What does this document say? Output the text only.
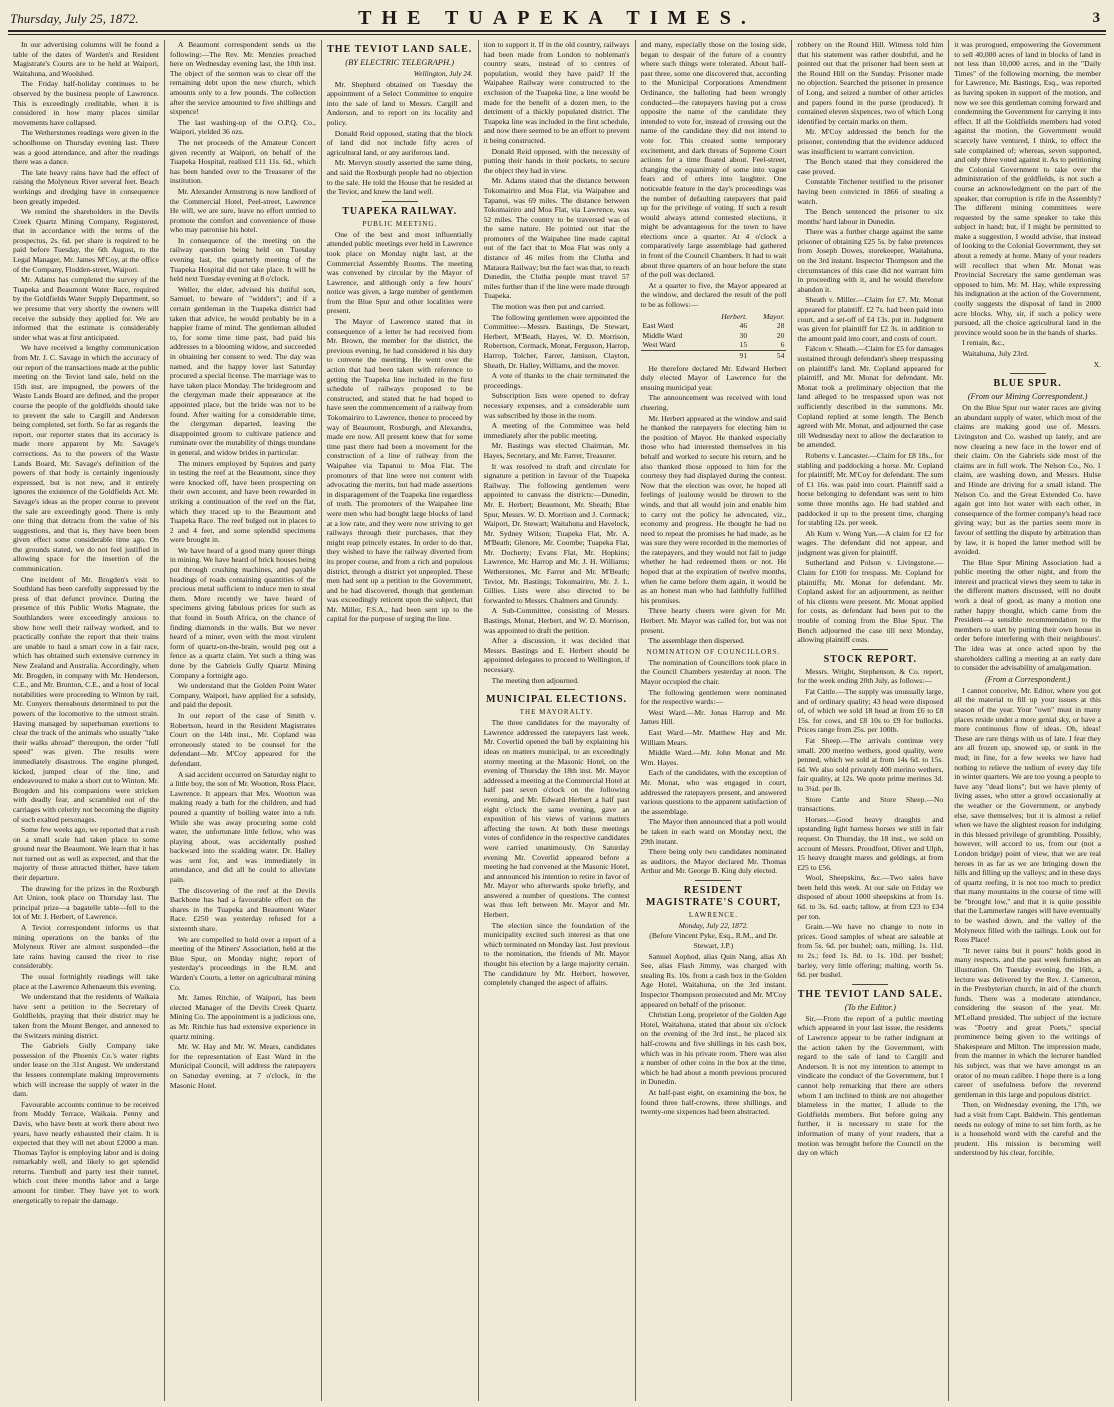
Thursday, July 25, 1872.	THE TUAPEKA TIMES.	3

In our advertising columns will be found a table of the dates of Warden's and Resident Magistrate's Courts are to be held at Waipori, Waitahuna, and Woolshed.

The Friday half-holiday continues to be observed by the business people of Lawrence. This is exceedingly creditable, when it is considered in how many places similar movements have collapsed.

The Wetherstones readings were given in the schoolhouse on Thursday evening last. There was a good attendance, and after the readings there was a dance.

The late heavy rains have had the effect of raising the Molyneux River several feet. Beach workings and dredging have in consequence been greatly impeded.

We remind the shareholders in the Devils Creek Quartz Mining Company, Registered, that in accordance with the terms of the prospectus, 2s. 6d. per share is required to be paid before Tuesday, the 6th August, to the Legal Manager, Mr. James M'Coy, at the office of the Company, Flodden-street, Waipori.

Mr. Adams has completed the survey of the Tuapeka and Beaumont Water Race, required by the Goldfields Water Supply Department, so we presume that very shortly the owners will receive the subsidy they applied for. We are informed that the estimate is considerably under what was at first anticipated.

We have received a lengthy communication from Mr. J. C. Savage in which the accuracy of our report of the transactions made at the public meeting on the Teviot land sale, held on the 15th inst. are impugned, the powers of the Waste Lands Board are defined, and the proper course the people of the goldfields should take to prevent the sale to Cargill and Anderson being completed, set forth. So far as regards the report, our reporter states that its accuracy is made more apparent by Mr. Savage's corrections. As to the powers of the Waste Lands Board, Mr. Savage's definition of the powers of that body is certainly ingeniously expressed, but is not new, and it entirely ignores the existence of the Goldfields Act. Mr. Savage's ideas as the proper course to prevent the sale are exceedingly good. There is only one thing that detracts from the value of his suggestions, and that is, they have been been given effect some considerable time ago. On the grounds stated, we do not feel justified in allowing space for the insertion of the communication.

One incident of Mr. Brogden's visit to Southland has been carefully suppressed by the press of that defunct province. During the presence of this Public Works Magnate, the Southlanders were exceedingly anxious to show how well their railway worked, and to practically confute the report that their trains are unable to haul a smart cow in a fair race, which has obtained such extensive currency in New Zealand and Australia. Accordingly, when Mr. Brogden, in company with Mr. Henderson, C.E., and Mr. Brunton, C.E., and a host of local notabilities were proceeding to Winton by rail, Mr. Conyers thereabouts determined to put the powers of the locomotive to the utmost strain. Having managed by superhuman exertions to clear the track of the animals who usually "take their walks abroad" thereupon, the order "full speed" was given. The results were immediately disastrous. The engine plunged, kicked, jumped clear of the line, and endeavoured to make a short cut to Winton. Mr. Brogden and his companions were stricken with deadly fear, and scrambled out of the carriages with celerity not becoming the dignity of such exalted personages.

Some few weeks ago, we reported that a rush on a small scale had taken place to some ground near the Beaumont. We learn that it has not turned out as well as expected, and that the majority of those attracted thither, have taken their departure.

The drawing for the prizes in the Roxburgh Art Union, took place on Thursday last. The principal prize—a bagatelle table—fell to the lot of Mr. J. Herbert, of Lawrence.

A Teviot correspondent informs us that mining operations on the banks of the Molyneux River are almost suspended—the late rains having caused the river to rise considerably.

The usual fortnightly readings will take place at the Lawrence Athenaeum this evening.

We understand that the residents of Waikaia have sent a petition to the Secretary of Goldfields, praying that their district may be taken from the Mount Benger, and annexed to the Switzers mining district.

The Gabriels Gully Company take possession of the Phoenix Co.'s water rights under lease on the 31st August. We understand the lessees contemplate making improvements which will increase the supply of water in the dam.

Favourable accounts continue to be received from Muddy Terrace, Waikaia. Penny and Davis, who have been at work there about two years, have nearly exhausted their claim. It is expected that they will net about £2000 a man. Thomas Taylor is employing labor and is doing remarkably well, and likely to get splendid returns. Turnbull and party test their tunnel, which cost three months labor and a large amount for timber. They have yet to work energetically to repair the damage.

A Beaumont correspondent sends us the following:—The Rev. Mr. Menzies preached here on Wednesday evening last, the 10th inst. The object of the sermon was to clear off the remaining debt upon the new church, which amounts only to a few pounds. The collection after the service amounted to five shillings and sixpence!

The last washing-up of the O.P.Q. Co., Waipori, yielded 36 ozs.

The net proceeds of the Amateur Concert given recently at Waipori, on behalf of the Tuapeka Hospital, realised £11 11s. 6d., which has been handed over to the Treasurer of the institution.

Mr. Alexander Armstrong is now landlord of the Commercial Hotel, Peel-street, Lawrence He will, we are sure, leave no effort untried to promote the comfort and convenience of those who may patronise his hotel.

In consequence of the meeting on the railway question being held on Tuesday evening last, the quarterly meeting of the Tuapeka Hospital did not take place. It will be held next Tuesday evening at 8 o'clock.

Weller, the elder, advised his dutiful son, Samuel, to beware of "widders"; and if a certain gentleman in the Tuapeka district had taken that advice, he would probably be in a happier frame of mind. The gentleman alluded to, for some time time past, had paid his addresses to a blooming widow, and succeeded in obtaining her consent to wed. The day was named, and the happy lover last Saturday procured a special license. The marriage was to have taken place Monday. The bridegroom and the clergyman made their appearance at the appointed place, but the bride was not to be found. After waiting for a considerable time, the clergyman departed, leaving the disappointed groom to cultivate patience and ruminate over the mutability of things mundane in general, and widow brides in particular.

The miners employed by Squires and party in testing the reef at the Beaumont, since they were knocked off, have been prospecting on their own account, and have been rewarded in striking a continuation of the reef on the flat, which they traced up to the Beaumont and Tuapeka Race. The reef bulged out in places to 2 and 4 feet, and some splendid specimens were brought in.

We have heard of a good many queer things in mining. We have heard of brick houses being put through crushing machines, and payable headings of roads containing quantities of the precious metal sufficient to induce men to steal them. More recently we have heard of specimens giving fabulous prices for such as that found in South Africa, on the chance of finding diamonds in the walls. But we never heard of a miner, even with the most virulent form of quartz-on-the-brain, would peg out a fence as a quartz claim. Yet such a thing was done by the Gabriels Gully Quartz Mining Company a fortnight ago.

We understand that the Golden Point Water Company, Waipori, have applied for a subsidy, and paid the deposit.

In our report of the case of Smith v. Robertson, heard in the Resident Magistrates Court on the 14th inst., Mr. Copland was erroneously stated to be counsel for the defendant—Mr. M'Coy appeared for the defendant.

A sad accident occurred on Saturday night to a little boy, the son of Mr. Wootton, Ross Place, Lawrence. It appears that Mrs. Wootton was making ready a bath for the children, and had poured a quantity of boiling water into a tub. While she was away procuring some cold water, the unfortunate little fellow, who was playing about, was accidentally pushed backward into the scalding water. Dr. Halley was sent for, and was immediately in attendance, and did all he could to alleviate pain.

The discovering of the reef at the Devils Backbone has had a favourable effect on the shares in the Tuapeka and Beaumont Water Race. £250 was yesterday refused for a sixteenth share.

We are compelled to hold over a report of a meeting of the Miners' Association, held at the Blue Spur, on Monday night; report of yesterday's proceedings in the R.M. and Warden's Courts, a letter on agricultural mining Co.

Mr. James Ritchie, of Waipori, has been elected Manager of the Devils Creek Quartz Mining Co. The appointment is a judicious one, as Mr. Ritchie has had extensive experience in quartz mining.

Mr. W. Hay and Mr. W. Mears, candidates for the representation of East Ward in the Municipal Council, will address the ratepayers on Saturday evening, at 7 o'clock, in the Masonic Hotel.

THE TEVIOT LAND SALE.
(BY ELECTRIC TELEGRAPH.)
Wellington, July 24.

Mr. Shepherd obtained on Tuesday the appointment of a Select Committee to enquire into the sale of land to Messrs. Cargill and Anderson, and to report on its locality and policy.

Donald Reid opposed, stating that the block of land did not include fifty acres of agricultural land, or any auriferous land.

Mr. Mervyn stoutly asserted the same thing, and said the Roxburgh people had no objection to the sale. He told the House that he resided at the Teviot, and knew the land well.

TUAPEKA RAILWAY.
PUBLIC MEETING.

One of the best and most influentially attended public meetings ever held in Lawrence took place on Monday night last, at the Commercial Assembly Rooms. The meeting was convened by circular by the Mayor of Lawrence, and although only a few hours' notice was given, a large number of gentlemen from the Blue Spur and other localities were present.

The Mayor of Lawrence stated that in consequence of a letter he had received from Mr. Brown, the member for the district, the previous evening, he had considered it his duty to convene the meeting. He went over the action that had been taken with reference to getting the Tuapeka line included in the first schedule of railways proposed to be constructed, and stated that he had hoped to have seen the commencement of a railway from Tokomairiro to Lawrence, thence to proceed by way of Beaumont, Roxburgh, and Alexandra, made ere now. All present knew that for some time past there had been a movement for the construction of a line of railway from the Waipahee via Tapanui to Moa Flat. The promoters of that line were not content with advocating the merits, but had made assertions in disparagement of the Tuapeka line regardless of truth. The promoters of the Waipahee line were men who had bought large blocks of land at a low rate, and they were now striving to get railways through their purchases, that they might reap princely estates. In order to do that, they wished to have the railway diverted from its proper course, and from a rich and populous district, through a district yet unpeopled. These men had sent up a petition to the Government, and he had discovered, though that gentleman was exceedingly reticent upon the subject, that Mr. Miller, F.S.A., had been sent up to the capital for the purpose of urging the line.

tion to support it. If in the old country, railways had been made from London to nobleman's country seats, instead of to centres of population, would they have paid? If the Waipahee Railway were constructed to the exclusion of the Tuapeka line, a line would be made for the benefit of a dozen men, to the detriment of a thickly populated district. The Tuapeka line was included in the first schedule, and now there seemed to be an effort to prevent it being constructed.

Donald Reid opposed, with the necessity of putting their hands in their pockets, to secure the object they had in view.

Mr. Adams stated that the distance between Tokomairiro and Moa Flat, via Waipahee and Tapanui, was 69 miles. The distance between Tokomairiro and Moa Flat, via Lawrence, was 52 miles. The country to be traversed was of the same nature. He pointed out that the promoters of the Waipahee line made capital out of the fact that to Moa Flat was only a distance of 46 miles from the Clutha and Mataura Railway; but the fact was that, to reach Dunedin, the Clutha people must travel 57 miles further than if the line were made through Tuapeka.

The motion was then put and carried.

The following gentlemen were appointed the Committee:—Messrs. Bastings, De Stewart, Herbert, M'Beath, Hayes, W. D. Morrison, Robertson, Cormack, Monat, Ferguson, Harrop, Harrop, Tolcher, Farrer, Jamison, Clayton, Sheath, Dr. Halley, Williams, and the mover.

A vote of thanks to the chair terminated the proceedings.

Subscription lists were opened to defray necessary expenses, and a considerable sum was subscribed by those in the room.

A meeting of the Committee was held immediately after the public meeting.

Mr. Bastings was elected Chairman, Mr. Hayes, Secretary, and Mr. Farrer, Treasurer.

It was resolved to draft and circulate for signature a petition in favour of the Tuapeka Railway. The following gentlemen were appointed to canvass the districts:—Dunedin, Mr. E. Herbert; Beaumont, Mr. Sheath; Blue Spur, Messrs. W. D. Morrison and J. Cormack; Waipori, Dr. Stewart; Waitahuna and Havelock, Mr. Sydney Wilson; Tuapeka Flat, Mr. A. M'Beath; Glenore, Mr. Coombe; Tuapeka Flat, Mr. Docherty; Evans Flat, Mr. Hopkins; Lawrence, Mr. Harrop and Mr. J. H. Williams; Wetherstones, Mr. Farrer and Mr. M'Beath; Teviot, Mr. Bastings; Tokomairiro, Mr. J. L. Gillies. Lists were also directed to be forwarded to Messrs. Chalmers and Grundy.

A Sub-Committee, consisting of Messrs. Bastings, Monat, Herbert, and W. D. Morrison, was appointed to draft the petition.

After a discussion, it was decided that Messrs. Bastings and E. Herbert should be appointed delegates to proceed to Wellington, if necessary.

The meeting then adjourned.

MUNICIPAL ELECTIONS.
THE MAYORALTY.

The three candidates for the mayoralty of Lawrence addressed the ratepayers last week. Mr. Coverlid opened the ball by explaining his ideas on matters municipal, to an exceedingly stormy meeting at the Masonic Hotel, on the evening of Thursday the 18th inst. Mr. Mayor addressed a meeting at the Commercial Hotel at half past seven o'clock on the following evening, and Mr. Edward Herbert a half past eight o'clock the same evening, gave an exposition of his views of various matters affecting the town. At both these meetings votes of confidence in the respective candidates were carried unanimously. On Saturday evening Mr. Coverlid appeared before a meeting he had convened at the Masonic Hotel, and announced his intention to retire in favor of Mr. Mayor who afterwards spoke briefly, and answered a number of questions. The contest was thus left between Mr. Mayor and Mr. Herbert.

The election since the foundation of the municipality excited such interest as that one which terminated on Monday last. Just previous to the nomination, the friends of Mr. Mayor thought his election by a large majority certain. The candidature by Mr. Herbert, however, completely changed the aspect of affairs.

and many, especially those on the losing side, began to despair of the future of a country where such things were tolerated. About half-past three, some one discovered that, according to the Municipal Corporations Amendment Ordinance, the balloting had been wrongly conducted—the ratepayers having put a cross opposite the name of the candidate they intended to vote for, instead of crossing out the name of the candidate they did not intend to vote for. This created some temporary excitement, and dark threats of Supreme Court actions for a time floated about. Feel-street, changing the equanimity of some into vague fears and of others into laughter. One noticeable feature in the day's proceedings was the number of defaulting ratepayers that paid up for the privilege of voting. If such a result would always attend contested elections, it might be advantageous for the town to have elections once a quarter. At 4 o'clock a comparatively large assemblage had gathered in front of the Council Chambers. It had to wait about three quarters of an hour before the state of the poll was declared.

At a quarter to five, the Mayor appeared at the window, and declared the result of the poll to be as follows:—

	Herbert.	Mayor.
East Ward	46	28
Middle Ward	30	20
West Ward	15	6
	91	54

He therefore declared Mr. Edward Herbert duly elected Mayor of Lawrence for the ensuing municipal year.

The announcement was received with loud cheering.

Mr. Herbert appeared at the window and said he thanked the ratepayers for electing him to the position of Mayor. He thanked especially those who had interested themselves in his behalf and worked to secure his return, and he also thanked those opposed to him for the courtesy they had displayed during the contest. Now that the election was over, he hoped all feelings of jealousy would be thrown to the winds, and that all would join and enable him to carry out the policy he advocated, viz., economy and progress. He thought he had no need to repeat the promises he had made, as he was sure they were recorded in the memories of the ratepayers, and they would not fail to judge whether he had redeemed them or not. He hoped that at the expiration of twelve months, when he came before them again, it would be as an honest man who had faithfully fulfilled his promises.

Three hearty cheers were given for Mr. Herbert. Mr. Mayor was called for, but was not present.

The assemblage then dispersed.

NOMINATION OF COUNCILLORS.

The nomination of Councillors took place in the Council Chambers yesterday at noon. The Mayor occupied the chair.

The following gentlemen were nominated for the respective wards:—

West Ward.—Mr. Jonas Harrop and Mr. James Hill.

East Ward.—Mr. Matthew Hay and Mr. William Mears.

Middle Ward.—Mr. John Monat and Mr. Wm. Hayes.

Each of the candidates, with the exception of Mr. Monat, who was engaged in court, addressed the ratepayers present, and answered various questions to the apparent satisfaction of the assemblage.

The Mayor then announced that a poll would be taken in each ward on Monday next, the 29th instant.

There being only two candidates nominated as auditors, the Mayor declared Mr. Thomas Arthur and Mr. George B. King duly elected.

RESIDENT MAGISTRATE'S COURT,
LAWRENCE.
Monday, July 22, 1872.

(Before Vincent Pyke, Esq., R.M., and Dr. Stewart, J.P.)

Samuel Aophod, alias Quin Nang, alias Ah See, alias Flash Jimmy, was charged with stealing Rs. 10s. from a cash box in the Golden Age Hotel, Waitahuna, on the 3rd instant. Inspector Thompson prosecuted and Mr. M'Coy appeared on behalf of the prisoner.

Christian Long, proprietor of the Golden Age Hotel, Waitahuna, stated that about six o'clock on the evening of the 3rd inst., he placed six half-crowns and five shillings in his cash box, which was in his private room. There was also a number of other coins in the box at the time, which he had about a month previous procured in Dunedin.

At half-past eight, on examining the box, he found three half-crowns, three shillings, and twenty-one sixpences had been abstracted.

robbery on the Round Hill. Witness told him that his statement was rather doubtful, and he pointed out that the prisoner had been seen at the Round Hill on the Sunday. Prisoner made no objection. Searched the prisoner in presence of Long, and seized a number of other articles and papers found in the purse (produced). It contained eleven sixpences, two of which Long identified by certain marks on them.

Mr. M'Coy addressed the bench for the prisoner, contending that the evidence adduced was insufficient to warrant conviction.

The Bench stated that they considered the case proved.

Constable Titchener testified to the prisoner having been convicted in 1866 of stealing a watch.

The Bench sentenced the prisoner to six months' hard labour in Dunedin.

There was a further charge against the same prisoner of obtaining £25 5s. by false pretences from Joseph Dowes, storekeeper, Waitahuna, on the 3rd instant. Inspector Thompson and the circumstances of this case did not warrant him in proceeding with it, and he would therefore abandon it.

Sheath v. Miller.—Claim for £7. Mr. Monat appeared for plaintiff. £2 7s. had been paid into court, and a set-off of £4 13s. put in. Judgment was given for plaintiff for £2 3s. in addition to the amount paid into court, and costs of court.

Falcon v. Sheath.—Claim for £5 for damages sustained through defendant's sheep trespassing on plaintiff's land. Mr. Copland appeared for plaintiff, and Mr. Monat for defendant. Mr. Monat took a preliminary objection that the land alleged to be trespassed upon was not sufficiently described in the summons. Mr. Copland replied at some length. The Bench agreed with Mr. Monat, and adjourned the case till Wednesday next to allow the declaration to be amended.

Roberts v. Lancaster.—Claim for £8 18s., for stabling and paddocking a horse. Mr. Copland for plaintiff; Mr. M'Coy for defendant. The sum of £1 16s. was paid into court. Plaintiff said a horse belonging to defendant was sent to him some three months ago. He had stabled and paddocked it up to the present time, charging for stabling 12s. per week.

Ah Kum v. Wong Yun.—A claim for £2 for wages. The defendant did not appear, and judgment was given for plaintiff.

Sutherland and Polson v. Livingstone.—Claim for £100 for trespass. Mr. Copland for plaintiffs; Mr. Monat for defendant. Mr. Copland asked for an adjournment, as neither of his clients were present. Mr. Monat applied for costs, as defendant had been put to the trouble of coming from the Blue Spur. The Bench adjourned the case till next Monday, allowing plaintiff costs.

STOCK REPORT.

Messrs. Wright, Stephenson, & Co. report, for the week ending 20th July, as follows:—

Fat Cattle.—The supply was unusually large, and of ordinary quality; 43 head were disposed of, of which we sold 18 head at from £6 to £8 15s. for cows, and £8 10s to £9 for bullocks. Prices range from 25s. per 100lb.

Fat Sheep.—The arrivals continue very small. 200 merino wethers, good quality, were penned, which we sold at from 14s 6d. to 15s. 6d. We also sold privately 400 merino wethers, fair quality, at 12s. We quote prime merinos 3d. to 3¼d. per lb.

Store Cattle and Store Sheep.—No transactions.

Horses.—Good heavy draughts and upstanding light harness horses we still in fair request. On Thursday, the 18 inst., we sold on account of Messrs. Proudfoot, Oliver and Ulph, 15 heavy draught mares and geldings, at from £25 to £56.

Wool, Sheepskins, &c.—Two sales have been held this week. At our sale on Friday we disposed of about 1000 sheepskins at from 1s. 6d. to 3s. 6d. each; tallow, at from £23 to £34 per ton.

Grain.—We have no change to note in prices. Good samples of wheat are saleable at from 5s. 6d. per bushel; oats, milling, 1s. 11d. to 2s.; feed 1s. 8d. to 1s. 10d. per bushel; barley, very little offering; malting, worth 5s. 6d. per bushel.

THE TEVIOT LAND SALE.
(To the Editor.)

Sir,—From the report of a public meeting which appeared in your last issue, the residents of Lawrence appear to be rather indignant at the action taken by the Government, with regard to the sale of land to Cargill and Anderson. It is not my intention to attempt to vindicate the conduct of the Government, but I cannot help remarking that there are others whom I am inclined to think are not altogether blameless in the matter, I allude to the Goldfields members. But before going any further, it is necessary to state for the information of many of your readers, that a motion was brought before the Council on the day on which

it was prorogued, empowering the Government to sell 40,000 acres of land in blocks of land in not less than 10,000 acres, and in the "Daily Times" of the following morning, the member for Lawrence, Mr. Bastings, Esq., was reported as having spoken in support of the motion, and now we see this gentleman coming forward and condemning the Government for carrying it into effect. If all the Goldfields members had voted against the motion, the Government would scarcely have ventured, I think, to effect the sale complained of; whereas, seven supported, and only three voted against it. As to petitioning the Colonial Government to take over the administration of the goldfields, is not such a course an acknowledgment on the part of the speaker, that corruption is rife in the Assembly? The different mining committees were requested by the same speaker to take this subject in hand; but, if I might be permitted to make a suggestion, I would advise, that instead of looking to the Colonial Government, they set about a remedy at home. Many of your readers will recollect that when Mr. Monat was Provincial Secretary the same gentleman was opposed to him. Mr. M. Hay, while expressing his indignation at the action of the Government, coolly suggests the disposal of land in 2000 acre blocks. Why, sir, if such a policy were pursued, all the choice agricultural land in the province would soon be in the hands of sharks.

I remain, &c.,

Waitahuna, July 23rd.

X.
BLUE SPUR.
(From our Mining Correspondent.)

On the Blue Spur our water races are giving an abundant supply of water, which most of the claims are making good use of. Messrs. Livingston and Co. washed up lately, and are now clearing a new face in the lower end of their claim. On the Gabriels side most of the claims are in full work. The Nelson Co., No. 1 claim, are washing down, and Messrs. Hulse and Hinde are driving for a small island. The Nelson Co. and the Great Extended Co. have again got into hot water with each other, in consequence of the former company's head race giving way; but as the parties seem more in favour of settling the dispute by arbitration than by law, it is hoped the latter method will be avoided.

The Blue Spur Mining Association had a public meeting the other night, and from the interest and practical views they seem to take in the different matters discussed, will no doubt work a deal of good, as many a motion one rather happy thought, which came from the President—a sensible recommendation to the members to start by putting their own house in order before interfering with their neighbours'. The idea was at once acted upon by the shareholders calling a meeting at an early date to consider the advisability of amalgamation.

(From a Correspondent.)

I cannot conceive, Mr. Editor, where you got all the material to fill up your issues at this season of the year. Your "own" must in many places reside under a more genial sky, or have a more continuous flow of ideas. Oh, ideas! These are rare things with us of late. I fear they are all frozen up, snowed up, or sunk in the mud; in fine, for a few weeks we have had nothing to relieve the tedium of every day life in winter quarters. We are too young a people to have any "dead lions"; but we have plenty of living asses, who utter a growl occasionally at the weather or the Government, or anybody else, save themselves; but it is almost a relief when we have the slightest reason for indulging in this blessed privilege of grumbling. Possibly, however, will accord to us, from our (not a London bridge) point of view, that we are real heroes in as far as we are bringing down the hills and filling up the valleys; and in these days of quartz reefing, it is not too much to predict that many mountains in the course of time will be "brought low," and that it is quite possible that the Lammerlaw ranges will have eventually to be washed down, and the valley of the Molyneux filled with the tailings. Look out for Ross Place!

"It never rains but it pours" holds good in many respects, and the past week furnishes an illustration. On Tuesday evening, the 16th, a lecture was delivered by the Rev. J. Cameron, in the Presbyterian church, in aid of the church funds. There was a moderate attendance, considering the season of the year. Mr. M'Lelland presided. The subject of the lecture was "Poetry and great Poets," special prominence being given to the writings of Shakespeare and Milton. The impression made, from the manner in which the lecturer handled his subject, was that we have amongst us an orator of no mean calibre. I hope there is a long career of usefulness before the reverend gentleman in this large and populous district.

Then, on Wednesday evening, the 17th, we had a visit from Capt. Baldwin. This gentleman needs no eulogy of mine to set him forth, as he is a household word with the careful and the prudent. His mission is becoming well understood by his clear, forcible,
